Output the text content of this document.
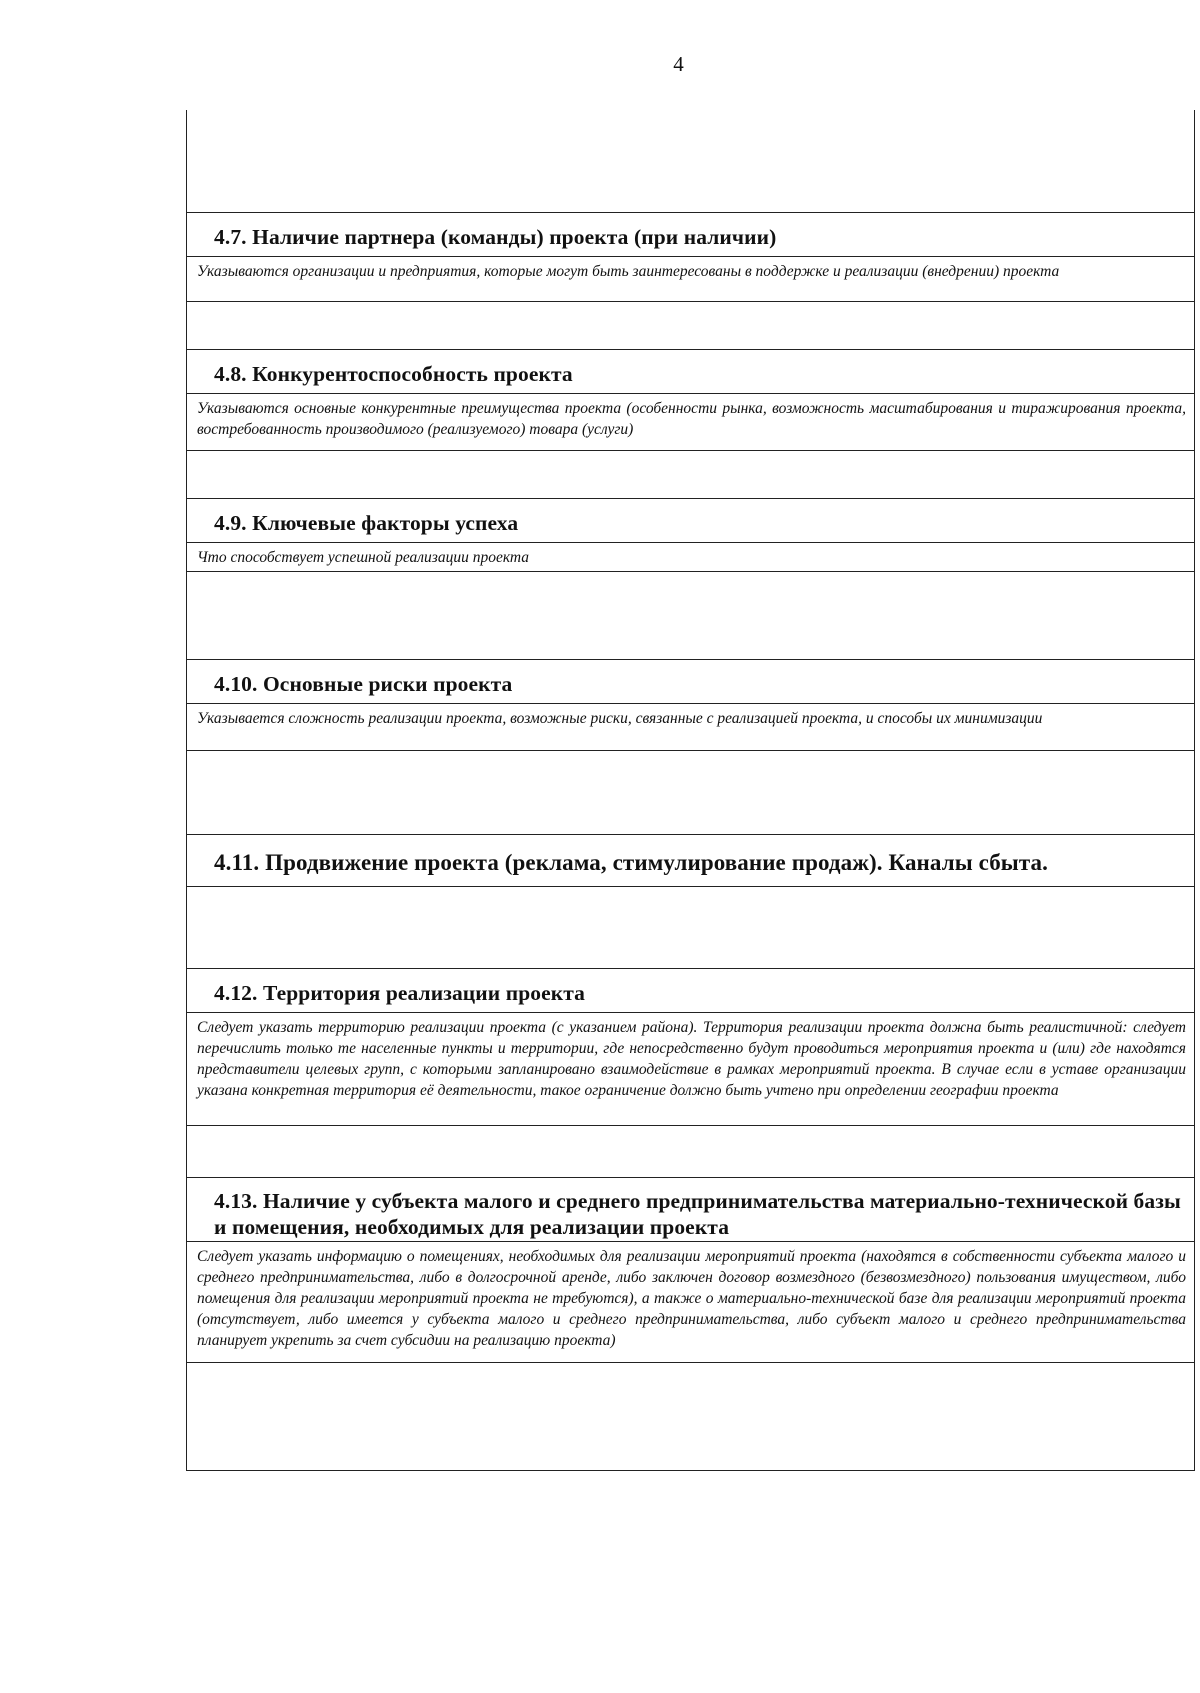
4
4.7. Наличие партнера (команды) проекта (при наличии)
Указываются организации и предприятия, которые могут быть заинтересованы в поддержке и реализации (внедрении) проекта
4.8. Конкурентоспособность проекта
Указываются основные конкурентные преимущества проекта (особенности рынка, возможность масштабирования и тиражирования проекта, востребованность производимого (реализуемого) товара (услуги)
4.9. Ключевые факторы успеха
Что способствует успешной реализации проекта
4.10. Основные риски проекта
Указывается сложность реализации проекта, возможные риски, связанные с реализацией проекта, и способы их минимизации
4.11. Продвижение проекта (реклама, стимулирование продаж). Каналы сбыта.
4.12. Территория реализации проекта
Следует указать территорию реализации проекта (с указанием района). Территория реализации проекта должна быть реалистичной: следует перечислить только те населенные пункты и территории, где непосредственно будут проводиться мероприятия проекта и (или) где находятся представители целевых групп, с которыми запланировано взаимодействие в рамках мероприятий проекта. В случае если в уставе организации указана конкретная территория её деятельности, такое ограничение должно быть учтено при определении географии проекта
4.13. Наличие у субъекта малого и среднего предпринимательства материально-технической базы и помещения, необходимых для реализации проекта
Следует указать информацию о помещениях, необходимых для реализации мероприятий проекта (находятся в собственности субъекта малого и среднего предпринимательства, либо в долгосрочной аренде, либо заключен договор возмездного (безвозмездного) пользования имуществом, либо помещения для реализации мероприятий проекта не требуются), а также о материально-технической базе для реализации мероприятий проекта (отсутствует, либо имеется у субъекта малого и среднего предпринимательства, либо субъект малого и среднего предпринимательства планирует укрепить за счет субсидии на реализацию проекта)
